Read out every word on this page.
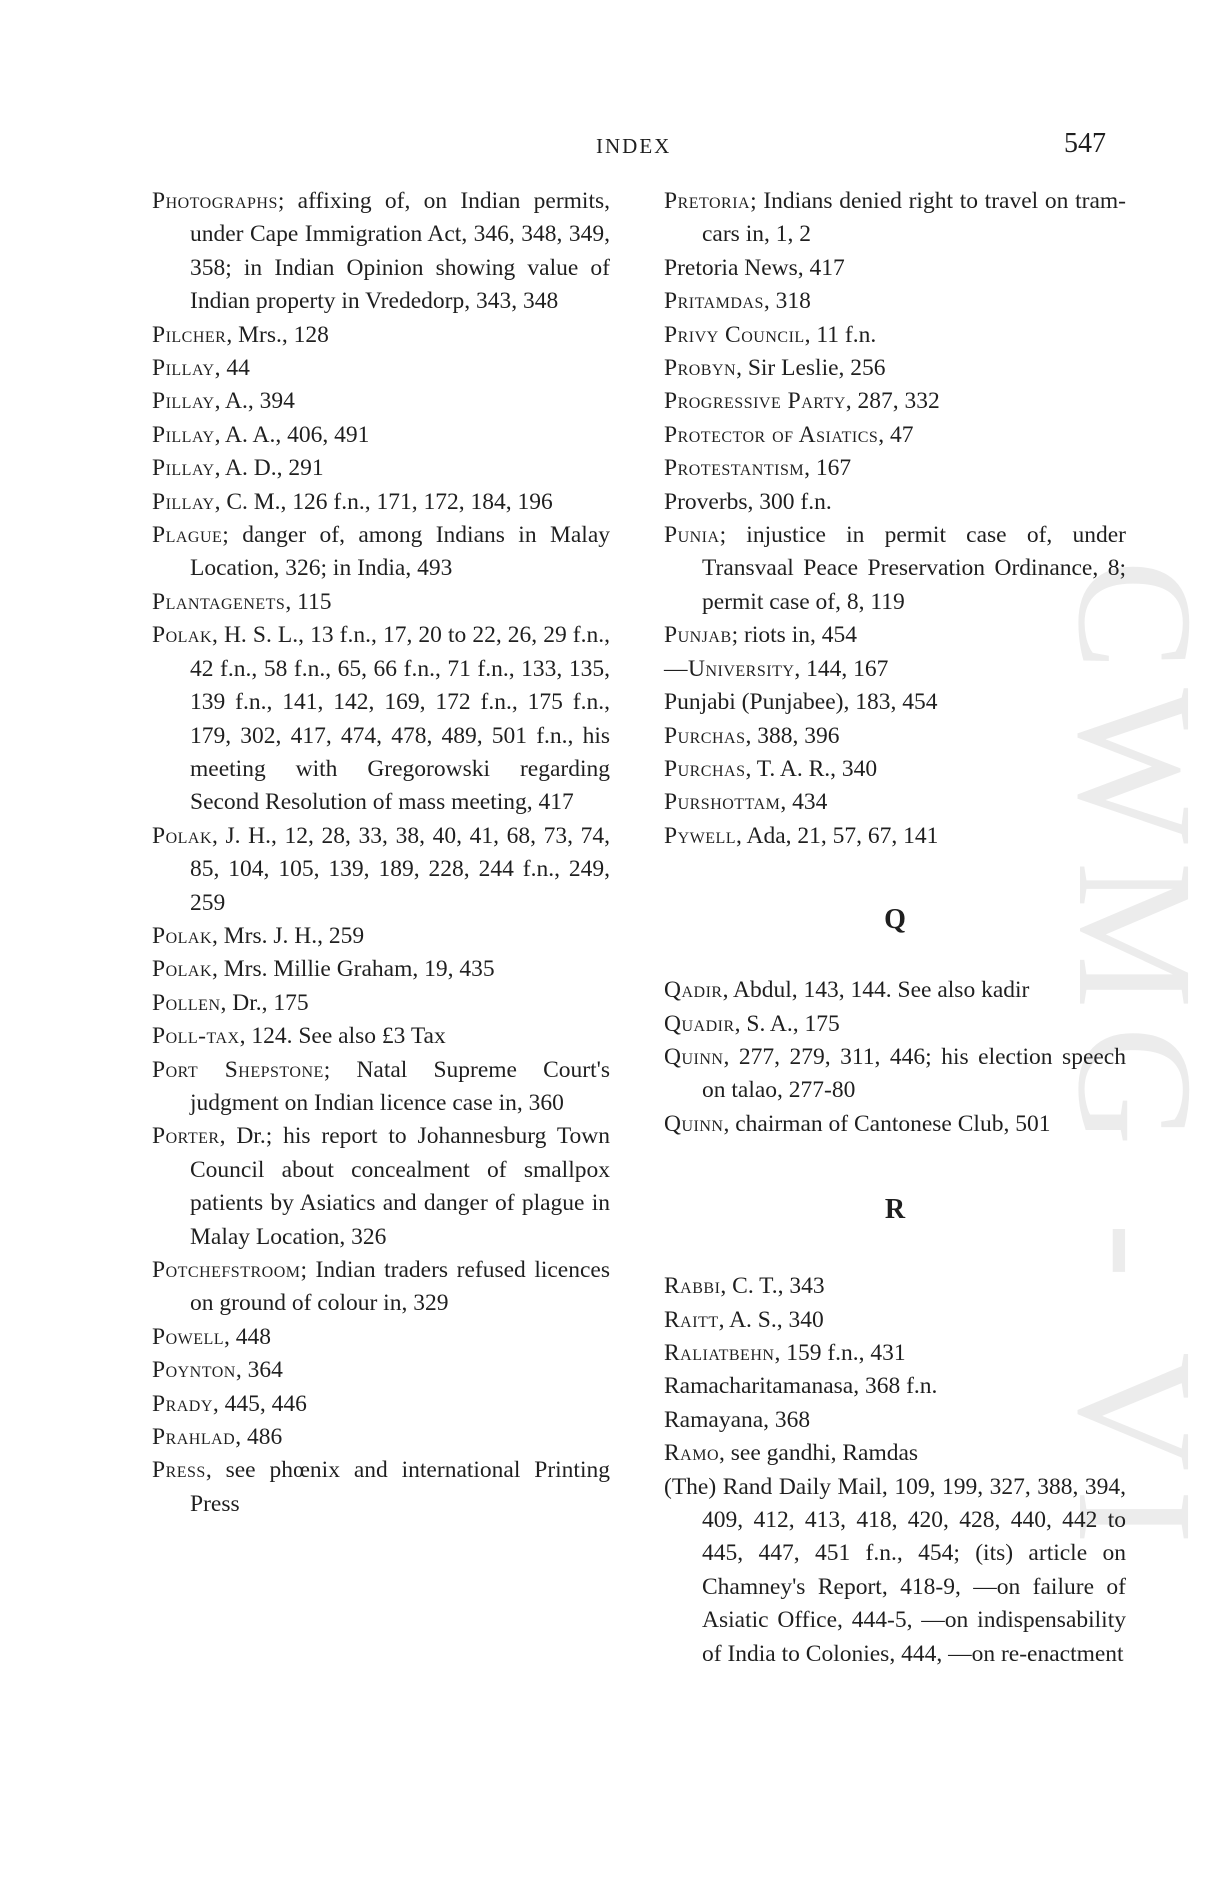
CWMG - VI
INDEX	547

Photographs; affixing of, on Indian permits, under Cape Immigration Act, 346, 348, 349, 358; in Indian Opinion showing value of Indian property in Vrededorp, 343, 348

Pilcher, Mrs., 128

Pillay, 44

Pillay, A., 394

Pillay, A. A., 406, 491

Pillay, A. D., 291

Pillay, C. M., 126 f.n., 171, 172, 184, 196

Plague; danger of, among Indians in Malay Location, 326; in India, 493

Plantagenets, 115

Polak, H. S. L., 13 f.n., 17, 20 to 22, 26, 29 f.n., 42 f.n., 58 f.n., 65, 66 f.n., 71 f.n., 133, 135, 139 f.n., 141, 142, 169, 172 f.n., 175 f.n., 179, 302, 417, 474, 478, 489, 501 f.n., his meeting with Gregorowski regarding Second Resolution of mass meeting, 417

Polak, J. H., 12, 28, 33, 38, 40, 41, 68, 73, 74, 85, 104, 105, 139, 189, 228, 244 f.n., 249, 259

Polak, Mrs. J. H., 259

Polak, Mrs. Millie Graham, 19, 435

Pollen, Dr., 175

Poll-tax, 124. See also £3 Tax

Port Shepstone; Natal Supreme Court's judgment on Indian licence case in, 360

Porter, Dr.; his report to Johannesburg Town Council about concealment of smallpox patients by Asiatics and danger of plague in Malay Location, 326

Potchefstroom; Indian traders refused licences on ground of colour in, 329

Powell, 448

Poynton, 364

Prady, 445, 446

Prahlad, 486

Press, see phœnix and international Printing Press

Pretoria; Indians denied right to travel on tram-cars in, 1, 2

Pretoria News, 417

Pritamdas, 318

Privy Council, 11 f.n.

Probyn, Sir Leslie, 256

Progressive Party, 287, 332

Protector of Asiatics, 47

Protestantism, 167

Proverbs, 300 f.n.

Punia; injustice in permit case of, under Transvaal Peace Preservation Ordinance, 8; permit case of, 8, 119

Punjab; riots in, 454

—University, 144, 167

Punjabi (Punjabee), 183, 454

Purchas, 388, 396

Purchas, T. A. R., 340

Purshottam, 434

Pywell, Ada, 21, 57, 67, 141

Q

Qadir, Abdul, 143, 144. See also kadir

Quadir, S. A., 175

Quinn, 277, 279, 311, 446; his election speech on talao, 277-80

Quinn, chairman of Cantonese Club, 501

R

Rabbi, C. T., 343

Raitt, A. S., 340

Raliatbehn, 159 f.n., 431

Ramacharitamanasa, 368 f.n.

Ramayana, 368

Ramo, see gandhi, Ramdas

(The) Rand Daily Mail, 109, 199, 327, 388, 394, 409, 412, 413, 418, 420, 428, 440, 442 to 445, 447, 451 f.n., 454; (its) article on Chamney's Report, 418-9, —on failure of Asiatic Office, 444-5, —on indispensability of India to Colonies, 444, —on re-enactment
